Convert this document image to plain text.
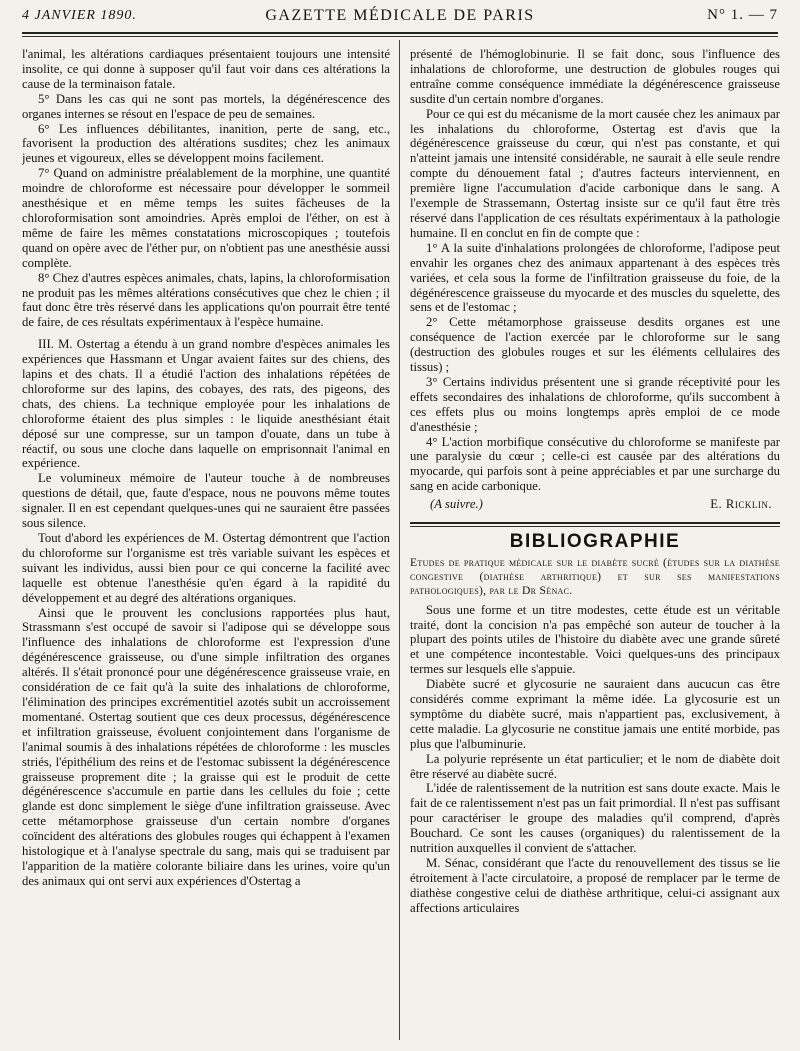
4 JANVIER 1890.	GAZETTE MÉDICALE DE PARIS	N° 1. — 7

l'animal, les altérations cardiaques présentaient toujours une intensité insolite, ce qui donne à supposer qu'il faut voir dans ces altérations la cause de la terminaison fatale.

5° Dans les cas qui ne sont pas mortels, la dégénérescence des organes internes se résout en l'espace de peu de semaines.

6° Les influences débilitantes, inanition, perte de sang, etc., favorisent la production des altérations susdites; chez les animaux jeunes et vigoureux, elles se développent moins facilement.

7° Quand on administre préalablement de la morphine, une quantité moindre de chloroforme est nécessaire pour développer le sommeil anesthésique et en même temps les suites fâcheuses de la chloroformisation sont amoindries. Après emploi de l'éther, on est à même de faire les mêmes constatations microscopiques ; toutefois quand on opère avec de l'éther pur, on n'obtient pas une anesthésie aussi complète.

8° Chez d'autres espèces animales, chats, lapins, la chloroformisation ne produit pas les mêmes altérations consécutives que chez le chien ; il faut donc être très réservé dans les applications qu'on pourrait être tenté de faire, de ces résultats expérimentaux à l'espèce humaine.

III. M. Ostertag a étendu à un grand nombre d'espèces animales les expériences que Hassmann et Ungar avaient faites sur des chiens, des lapins et des chats. Il a étudié l'action des inhalations répétées de chloroforme sur des lapins, des cobayes, des rats, des pigeons, des chats, des chiens. La technique employée pour les inhalations de chloroforme étaient des plus simples : le liquide anesthésiant était déposé sur une compresse, sur un tampon d'ouate, dans un tube à réactif, ou sous une cloche dans laquelle on emprisonnait l'animal en expérience.

Le volumineux mémoire de l'auteur touche à de nombreuses questions de détail, que, faute d'espace, nous ne pouvons même toutes signaler. Il en est cependant quelques-unes qui ne sauraient être passées sous silence.

Tout d'abord les expériences de M. Ostertag démontrent que l'action du chloroforme sur l'organisme est très variable suivant les espèces et suivant les individus, aussi bien pour ce qui concerne la facilité avec laquelle est obtenue l'anesthésie qu'en égard à la rapidité du développement et au degré des altérations organiques.

Ainsi que le prouvent les conclusions rapportées plus haut, Strassmann s'est occupé de savoir si l'adipose qui se développe sous l'influence des inhalations de chloroforme est l'expression d'une dégénérescence graisseuse, ou d'une simple infiltration des organes altérés. Il s'était prononcé pour une dégénérescence graisseuse vraie, en considération de ce fait qu'à la suite des inhalations de chloroforme, l'élimination des principes excrémentitiel azotés subit un accroissement momentané. Ostertag soutient que ces deux processus, dégénérescence et infiltration graisseuse, évoluent conjointement dans l'organisme de l'animal soumis à des inhalations répétées de chloroforme : les muscles striés, l'épithélium des reins et de l'estomac subissent la dégénérescence graisseuse proprement dite ; la graisse qui est le produit de cette dégénérescence s'accumule en partie dans les cellules du foie ; cette glande est donc simplement le siège d'une infiltration graisseuse. Avec cette métamorphose graisseuse d'un certain nombre d'organes coïncident des altérations des globules rouges qui échappent à l'examen histologique et à l'analyse spectrale du sang, mais qui se traduisent par l'apparition de la matière colorante biliaire dans les urines, voire qu'un des animaux qui ont servi aux expériences d'Ostertag a

présenté de l'hémoglobinurie. Il se fait donc, sous l'influence des inhalations de chloroforme, une destruction de globules rouges qui entraîne comme conséquence immédiate la dégénérescence graisseuse susdite d'un certain nombre d'organes.

Pour ce qui est du mécanisme de la mort causée chez les animaux par les inhalations du chloroforme, Ostertag est d'avis que la dégénérescence graisseuse du cœur, qui n'est pas constante, et qui n'atteint jamais une intensité considérable, ne saurait à elle seule rendre compte du dénouement fatal ; d'autres facteurs interviennent, en première ligne l'accumulation d'acide carbonique dans le sang. A l'exemple de Strassemann, Ostertag insiste sur ce qu'il faut être très réservé dans l'application de ces résultats expérimentaux à la pathologie humaine. Il en conclut en fin de compte que :

1° A la suite d'inhalations prolongées de chloroforme, l'adipose peut envahir les organes chez des animaux appartenant à des espèces très variées, et cela sous la forme de l'infiltration graisseuse du foie, de la dégénérescence graisseuse du myocarde et des muscles du squelette, des sens et de l'estomac ;

2° Cette métamorphose graisseuse desdits organes est une conséquence de l'action exercée par le chloroforme sur le sang (destruction des globules rouges et sur les éléments cellulaires des tissus) ;

3° Certains individus présentent une si grande réceptivité pour les effets secondaires des inhalations de chloroforme, qu'ils succombent à ces effets plus ou moins longtemps après emploi de ce mode d'anesthésie ;

4° L'action morbifique consécutive du chloroforme se manifeste par une paralysie du cœur ; celle-ci est causée par des altérations du myocarde, qui parfois sont à peine appréciables et par une surcharge du sang en acide carbonique.

(A suivre.)	E. Ricklin.
BIBLIOGRAPHIE

Etudes de pratique médicale sur le diabète sucré (études sur la diathèse congestive (diathèse arthritique) et sur ses manifestations pathologiques), par le Dr Sénac.

Sous une forme et un titre modestes, cette étude est un véritable traité, dont la concision n'a pas empêché son auteur de toucher à la plupart des points utiles de l'histoire du diabète avec une grande sûreté et une compétence incontestable. Voici quelques-uns des principaux termes sur lesquels elle s'appuie.

Diabète sucré et glycosurie ne sauraient dans aucucun cas être considérés comme exprimant la même idée. La glycosurie est un symptôme du diabète sucré, mais n'appartient pas, exclusivement, à cette maladie. La glycosurie ne constitue jamais une entité morbide, pas plus que l'albuminurie.

La polyurie représente un état particulier; et le nom de diabète doit être réservé au diabète sucré.

L'idée de ralentissement de la nutrition est sans doute exacte. Mais le fait de ce ralentissement n'est pas un fait primordial. Il n'est pas suffisant pour caractériser le groupe des maladies qu'il comprend, d'après Bouchard. Ce sont les causes (organiques) du ralentissement de la nutrition auxquelles il convient de s'attacher.

M. Sénac, considérant que l'acte du renouvellement des tissus se lie étroitement à l'acte circulatoire, a proposé de remplacer par le terme de diathèse congestive celui de diathèse arthritique, celui-ci assignant aux affections articulaires
